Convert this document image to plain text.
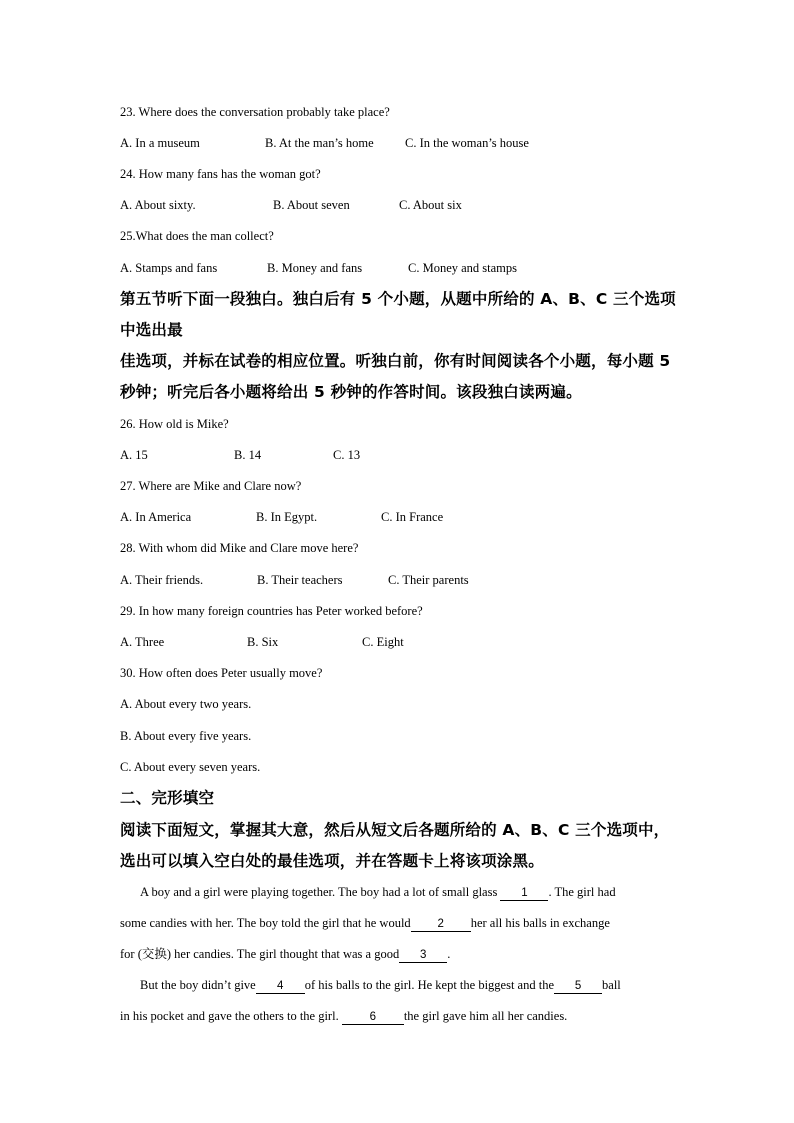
23. Where does the conversation probably take place?
A. In a museum	B. At the man’s home	C. In the woman’s house
24. How many fans has the woman got?
A. About sixty.	B. About seven	C. About six
25.What does the man collect?
A. Stamps and fans	B. Money and fans	C. Money and stamps
第五节听下面一段独白。独白后有 5 个小题，从题中所给的 A、B、C 三个选项
中选出最
佳选项，并标在试卷的相应位置。听独白前，你有时间阅读各个小题，每小题 5
秒钟；听完后各小题将给出 5 秒钟的作答时间。该段独白读两遍。
26. How old is Mike?
A. 15	B. 14	C. 13
27. Where are Mike and Clare now?
A. In America	B. In Egypt.	C. In France
28. With whom did Mike and Clare move here?
A. Their friends.	B. Their teachers	C. Their parents
29. In how many foreign countries has Peter worked before?
A. Three	B. Six	C. Eight
30. How often does Peter usually move?
A. About every two years.
B. About every five years.
C. About every seven years.
二、完形填空
阅读下面短文，掌握其大意，然后从短文后各题所给的 A、B、C 三个选项中，
选出可以填入空白处的最佳选项，并在答题卡上将该项涂黑。
A boy and a girl were playing together. The boy had a lot of small glass 1 . The girl had
some candies with her. The boy told the girl that he would 2 her all his balls in exchange
for (交换) her candies. The girl thought that was a good 3 .
But the boy didn’t give 4 of his balls to the girl. He kept the biggest and the 5 ball
in his pocket and gave the others to the girl.	6 the girl gave him all her candies.
